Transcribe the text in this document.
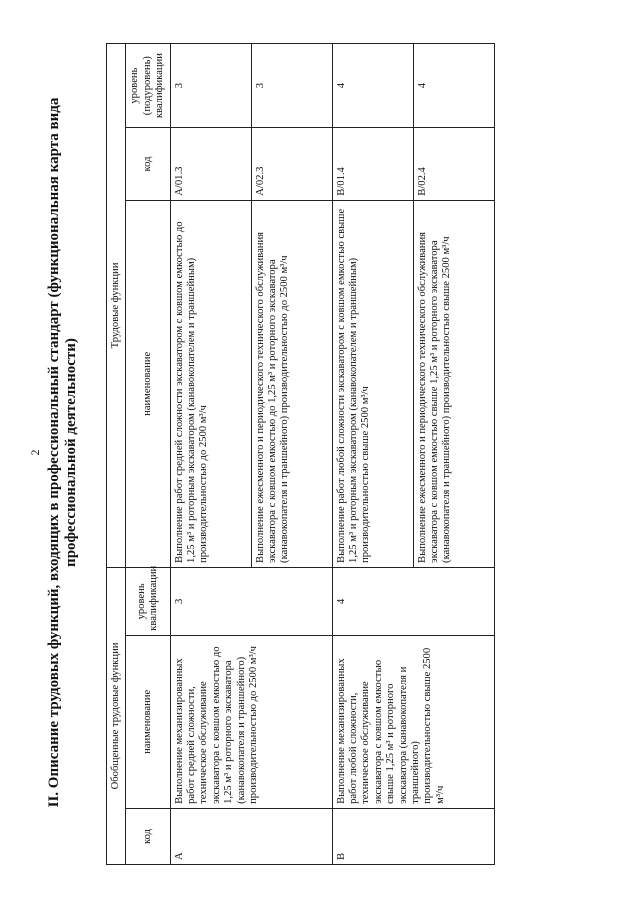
2 II. Описание трудовых функций, входящих в профессиональный стандарт (функциональная карта вида профессиональной деятельности)
Обобщенные трудовые функции			Трудовые функции		
код	наименование	уровень квалификации	наименование	код	уровень (подуровень) квалификации
А	Выполнение механизированных работ средней сложности, техническое обслуживание экскаватора с ковшом емкостью до 1,25 м³ и роторного экскаватора (канавокопателя и траншейного) производительностью до 2500 м³/ч	3	Выполнение работ средней сложности экскаватором с ковшом емкостью до 1,25 м³ и роторным экскаватором (канавокопателем и траншейным) производительностью до 2500 м³/ч	А/01.3	3
			Выполнение ежесменного и периодического технического обслуживания экскаватора с ковшом емкостью до 1,25 м³ и роторного экскаватора (канавокопателя и траншейного) производительностью до 2500 м³/ч	А/02.3	3
В	Выполнение механизированных работ любой сложности, техническое обслуживание экскаватора с ковшом емкостью свыше 1,25 м³ и роторного экскаватора (канавокопателя и траншейного) производительностью свыше 2500 м³/ч	4	Выполнение работ любой сложности экскаватором с ковшом емкостью свыше 1,25 м³ и роторным экскаватором (канавокопателем и траншейным) производительностью свыше 2500 м³/ч	В/01.4	4
			Выполнение ежесменного и периодического технического обслуживания экскаватора с ковшом емкостью свыше 1,25 м³ и роторного экскаватора (канавокопателя и траншейного) производительностью свыше 2500 м³/ч	В/02.4	4
